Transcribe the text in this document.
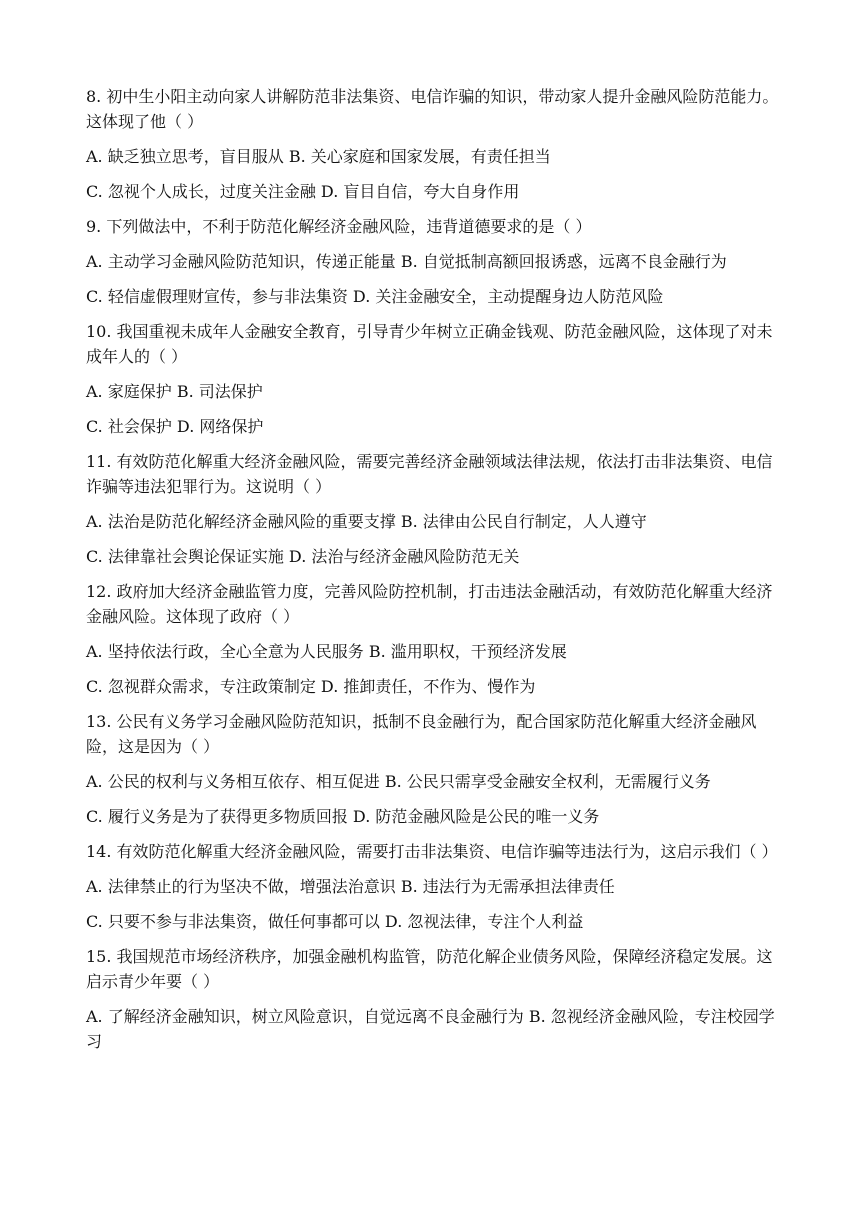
8. 初中生小阳主动向家人讲解防范非法集资、电信诈骗的知识，带动家人提升金融风险防范能力。这体现了他（ ）

A. 缺乏独立思考，盲目服从 B. 关心家庭和国家发展，有责任担当

C. 忽视个人成长，过度关注金融 D. 盲目自信，夸大自身作用

9. 下列做法中，不利于防范化解经济金融风险，违背道德要求的是（ ）

A. 主动学习金融风险防范知识，传递正能量 B. 自觉抵制高额回报诱惑，远离不良金融行为

C. 轻信虚假理财宣传，参与非法集资 D. 关注金融安全，主动提醒身边人防范风险

10. 我国重视未成年人金融安全教育，引导青少年树立正确金钱观、防范金融风险，这体现了对未成年人的（ ）

A. 家庭保护 B. 司法保护

C. 社会保护 D. 网络保护

11. 有效防范化解重大经济金融风险，需要完善经济金融领域法律法规，依法打击非法集资、电信诈骗等违法犯罪行为。这说明（ ）

A. 法治是防范化解经济金融风险的重要支撑 B. 法律由公民自行制定，人人遵守

C. 法律靠社会舆论保证实施 D. 法治与经济金融风险防范无关

12. 政府加大经济金融监管力度，完善风险防控机制，打击违法金融活动，有效防范化解重大经济金融风险。这体现了政府（ ）

A. 坚持依法行政，全心全意为人民服务 B. 滥用职权，干预经济发展

C. 忽视群众需求，专注政策制定 D. 推卸责任，不作为、慢作为

13. 公民有义务学习金融风险防范知识，抵制不良金融行为，配合国家防范化解重大经济金融风险，这是因为（ ）

A. 公民的权利与义务相互依存、相互促进 B. 公民只需享受金融安全权利，无需履行义务

C. 履行义务是为了获得更多物质回报 D. 防范金融风险是公民的唯一义务

14. 有效防范化解重大经济金融风险，需要打击非法集资、电信诈骗等违法行为，这启示我们（ ）

A. 法律禁止的行为坚决不做，增强法治意识 B. 违法行为无需承担法律责任

C. 只要不参与非法集资，做任何事都可以 D. 忽视法律，专注个人利益

15. 我国规范市场经济秩序，加强金融机构监管，防范化解企业债务风险，保障经济稳定发展。这启示青少年要（ ）

A. 了解经济金融知识，树立风险意识，自觉远离不良金融行为 B. 忽视经济金融风险，专注校园学习
